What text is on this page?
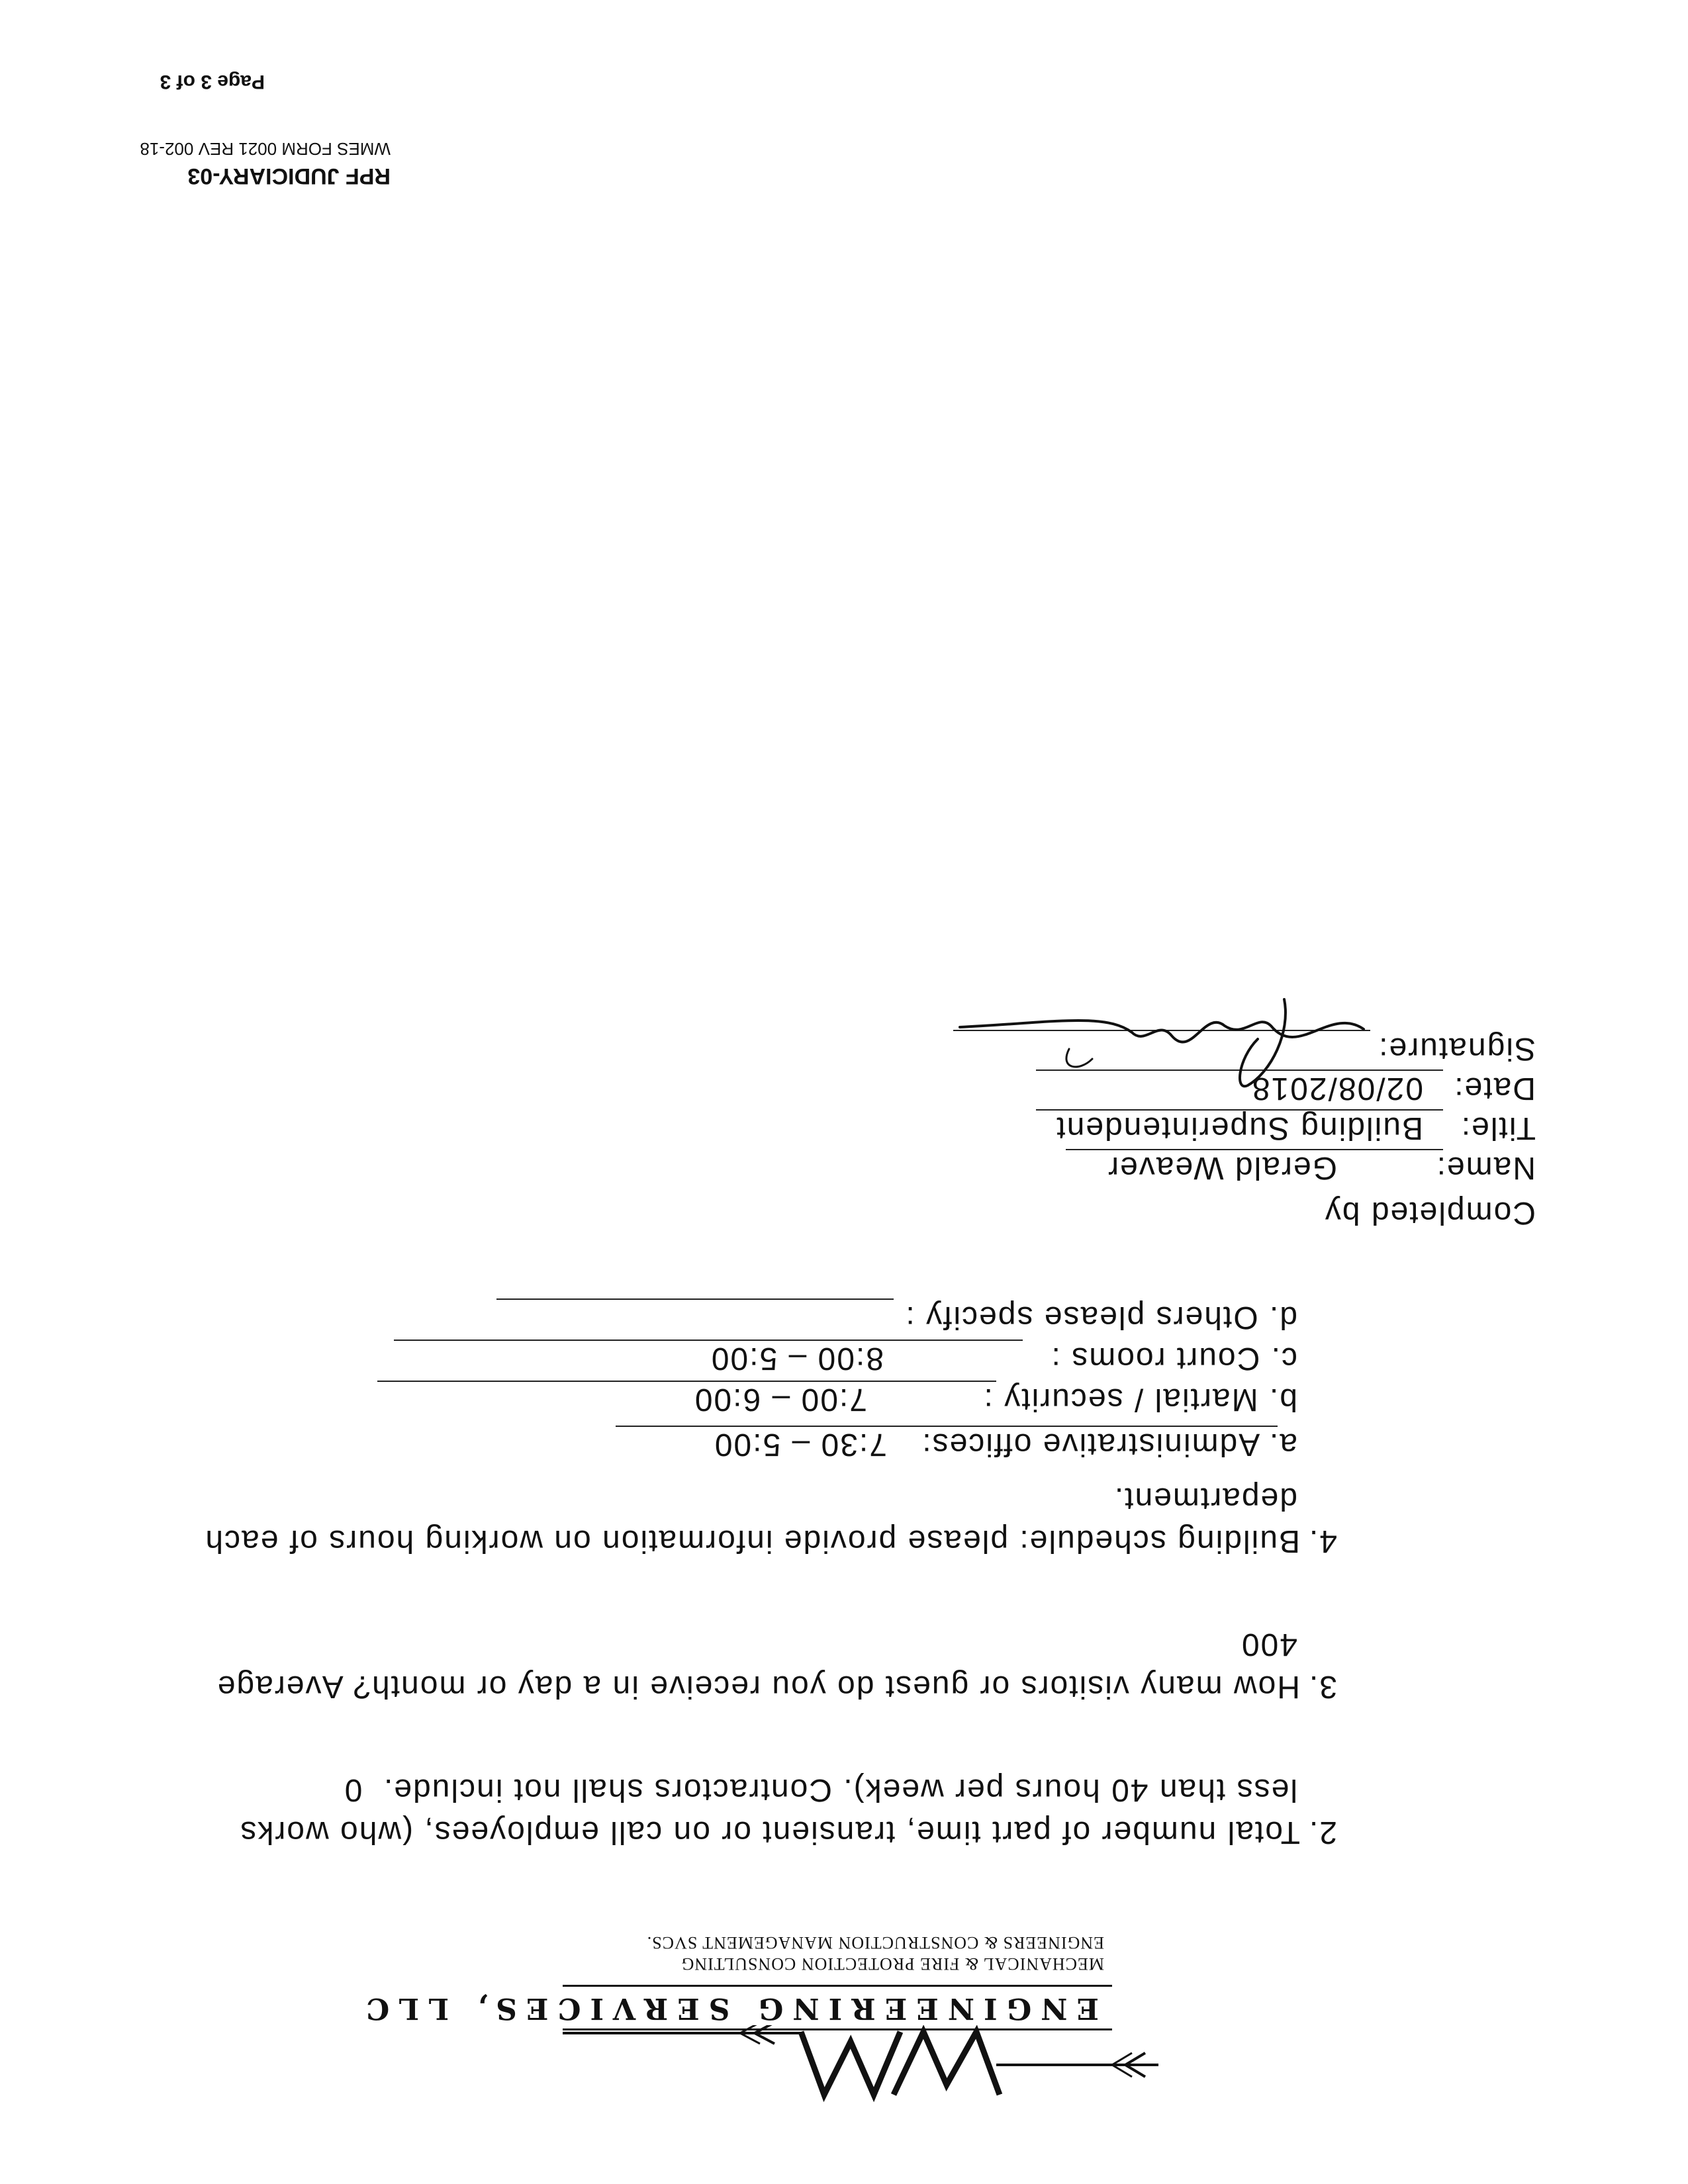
ENGINEERING SERVICES, LLC
MECHANICAL & FIRE PROTECTION CONSULTING
ENGINEERS & CONSTRUCTION MANAGEMENT SVCS.
2.Total number of part time, transient or on call employees, (who works
less than 40 hours per week). Contractors shall not include.  0
3.How many visitors or guest do you receive in a day or month? Average
400
4.Building schedule: please provide information on working hours of each
department.
a. Administrative offices:
7:30 – 5:00
b. Martial / security :
7:00 – 6:00
c. Court rooms :
8:00 – 5:00
d. Others please specify :
Completed by
Name:
Gerald Weaver
Title:
Building Superintendent
Date:
02/08/2018
Signature:
RPF JUDICIARY-03
WMES FORM 0021 REV 002-18
Page 3 of 3
